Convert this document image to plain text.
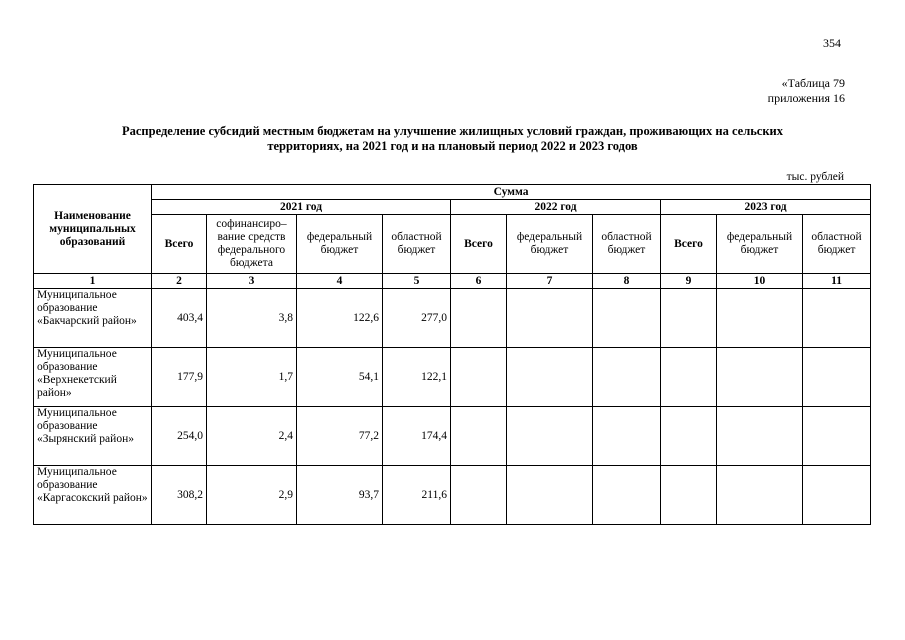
354
«Таблица 79
приложения 16
Распределение субсидий местным бюджетам на улучшение жилищных условий граждан, проживающих на сельских
территориях, на 2021 год и на плановый период 2022 и 2023 годов
тыс. рублей
Наименование муниципальных образований	Сумма									
	2021 год				2022 год			2023 год		
	Всего	софинансиро–вание средств федерального бюджета	федеральный бюджет	областной бюджет	Всего	федеральный бюджет	областной бюджет	Всего	федеральный бюджет	областной бюджет
1	2	3	4	5	6	7	8	9	10	11
Муниципальное образование «Бакчарский район»	403,4	3,8	122,6	277,0						
Муниципальное образование «Верхнекетский район»	177,9	1,7	54,1	122,1						
Муниципальное образование «Зырянский район»	254,0	2,4	77,2	174,4						
Муниципальное образование «Каргасокский район»	308,2	2,9	93,7	211,6						
